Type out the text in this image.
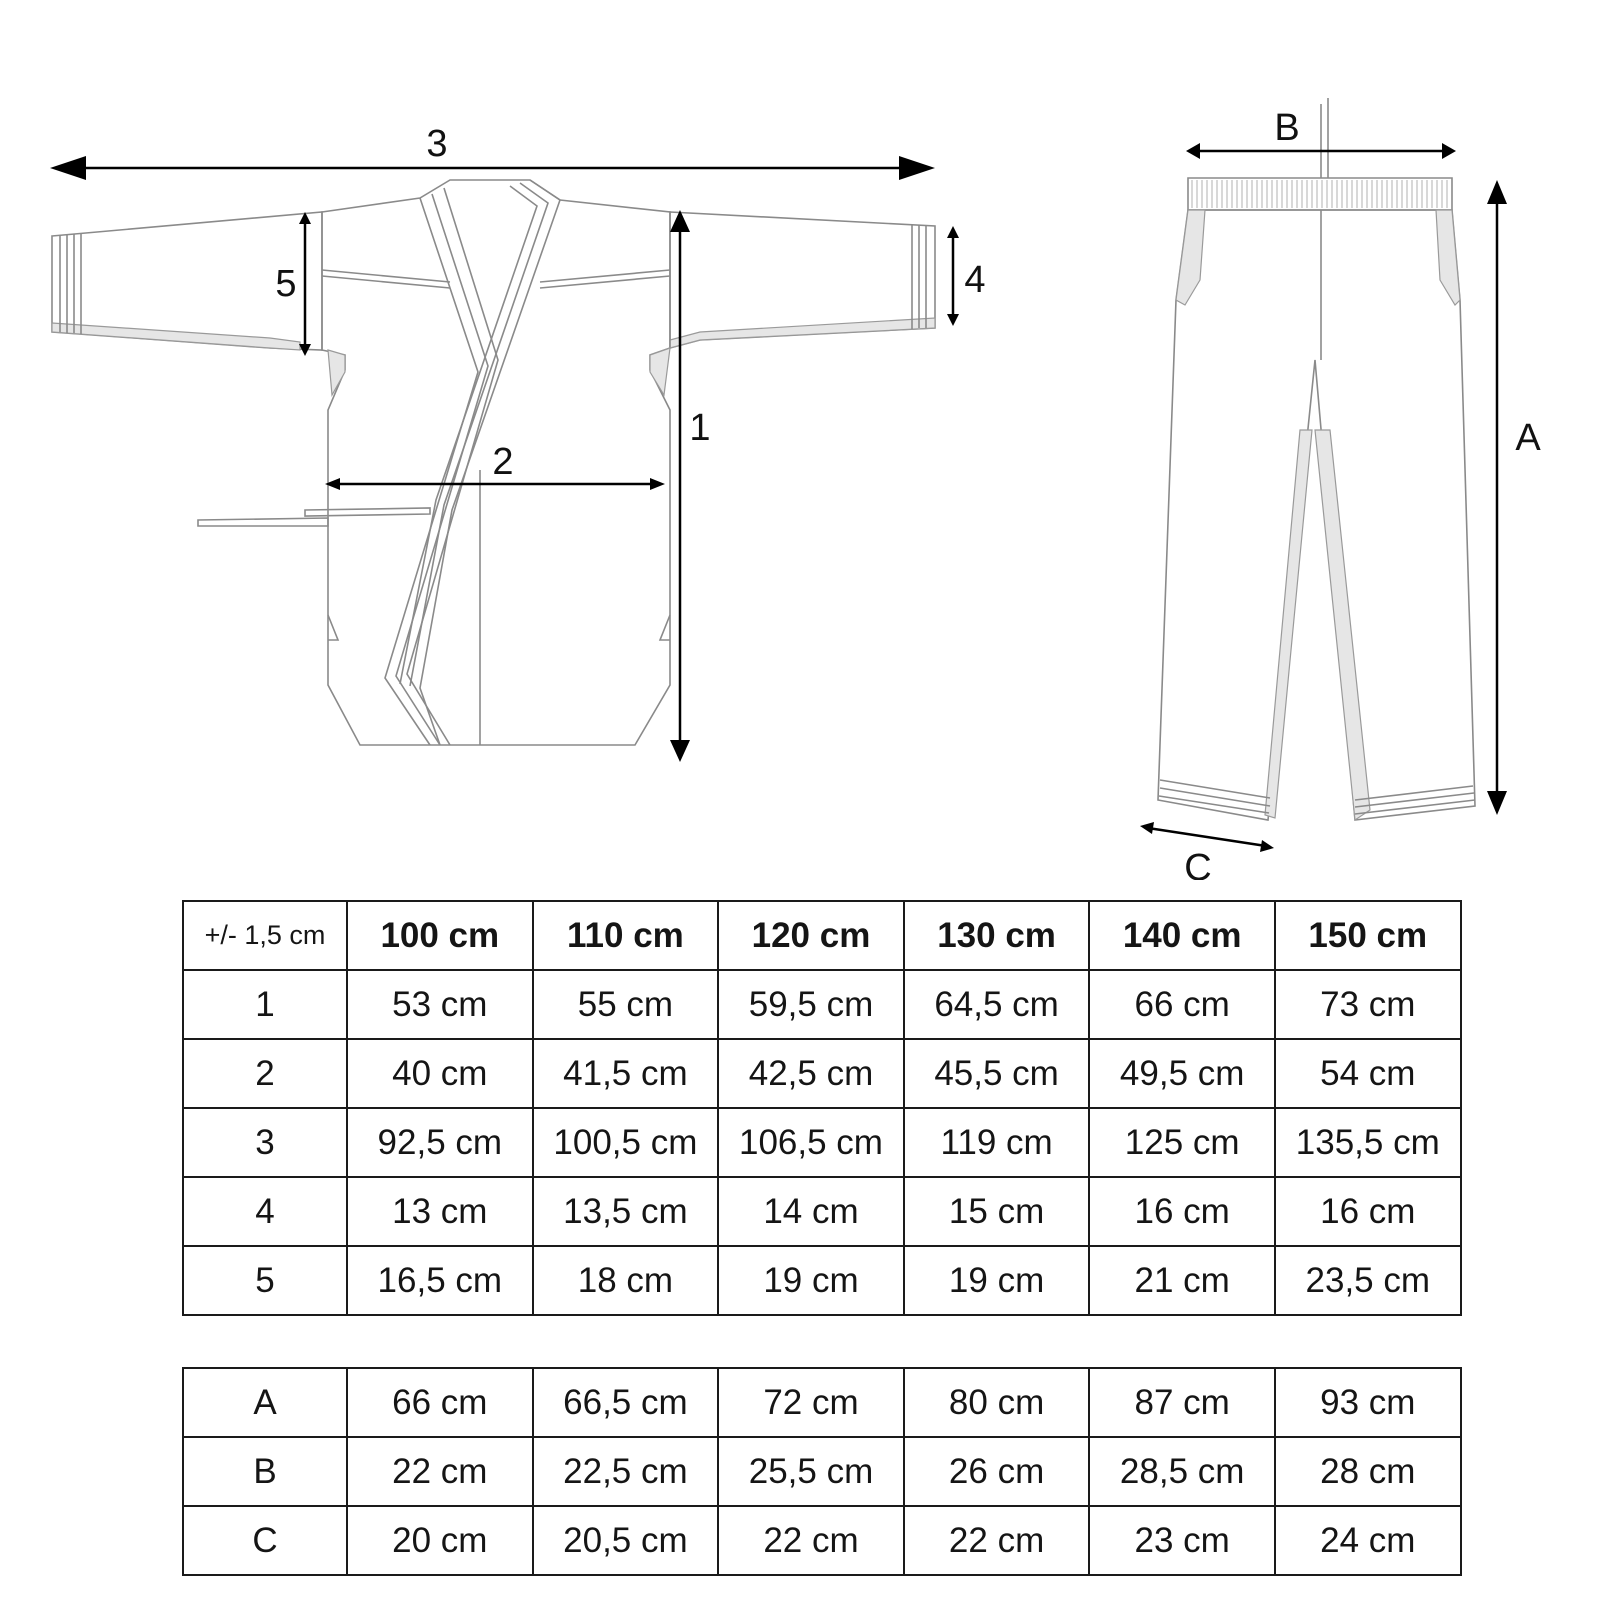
3
1
2
4
5
B
A
C
+/- 1,5 cm	100 cm	110 cm	120 cm	130 cm	140 cm	150 cm
1	53 cm	55 cm	59,5 cm	64,5 cm	66 cm	73 cm
2	40 cm	41,5 cm	42,5 cm	45,5 cm	49,5 cm	54 cm
3	92,5 cm	100,5 cm	106,5 cm	119 cm	125 cm	135,5 cm
4	13 cm	13,5 cm	14 cm	15 cm	16 cm	16 cm
5	16,5 cm	18 cm	19 cm	19 cm	21 cm	23,5 cm
A	66 cm	66,5 cm	72 cm	80 cm	87 cm	93 cm
B	22 cm	22,5 cm	25,5 cm	26 cm	28,5 cm	28 cm
C	20 cm	20,5 cm	22 cm	22 cm	23 cm	24 cm
